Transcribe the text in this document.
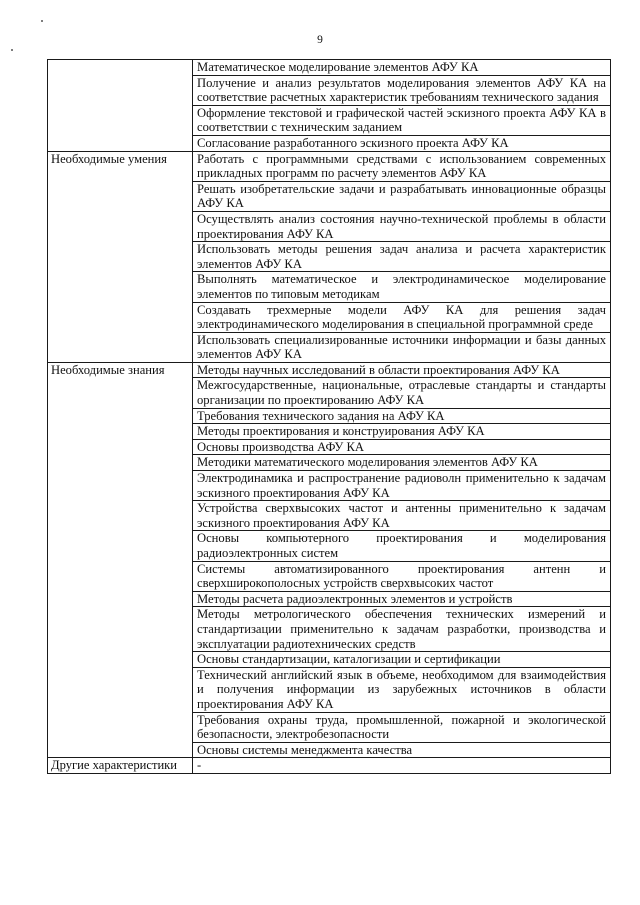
9
	Математическое моделирование элементов АФУ КА
	Получение и анализ результатов моделирования элементов АФУ КА на соответствие расчетных характеристик требованиям технического задания
	Оформление текстовой и графической частей эскизного проекта АФУ КА в соответствии с техническим заданием
	Согласование разработанного эскизного проекта АФУ КА
Необходимые умения	Работать с программными средствами с использованием современных прикладных программ по расчету элементов АФУ КА
	Решать изобретательские задачи и разрабатывать инновационные образцы АФУ КА
	Осуществлять анализ состояния научно-технической проблемы в области проектирования АФУ КА
	Использовать методы решения задач анализа и расчета характеристик элементов АФУ КА
	Выполнять математическое и электродинамическое моделирование элементов по типовым методикам
	Создавать трехмерные модели АФУ КА для решения задач электродинамического моделирования в специальной программной среде
	Использовать специализированные источники информации и базы данных элементов АФУ КА
Необходимые знания	Методы научных исследований в области проектирования АФУ КА
	Межгосударственные, национальные, отраслевые стандарты и стандарты организации по проектированию АФУ КА
	Требования технического задания на АФУ КА
	Методы проектирования и конструирования АФУ КА
	Основы производства АФУ КА
	Методики математического моделирования элементов АФУ КА
	Электродинамика и распространение радиоволн применительно к задачам эскизного проектирования АФУ КА
	Устройства сверхвысоких частот и антенны применительно к задачам эскизного проектирования АФУ КА
	Основы компьютерного проектирования и моделирования радиоэлектронных систем
	Системы автоматизированного проектирования антенн и сверхширокополосных устройств сверхвысоких частот
	Методы расчета радиоэлектронных элементов и устройств
	Методы метрологического обеспечения технических измерений и стандартизации применительно к задачам разработки, производства и эксплуатации радиотехнических средств
	Основы стандартизации, каталогизации и сертификации
	Технический английский язык в объеме, необходимом для взаимодействия и получения информации из зарубежных источников в области проектирования АФУ КА
	Требования охраны труда, промышленной, пожарной и экологической безопасности, электробезопасности
	Основы системы менеджмента качества
Другие характеристики	-
